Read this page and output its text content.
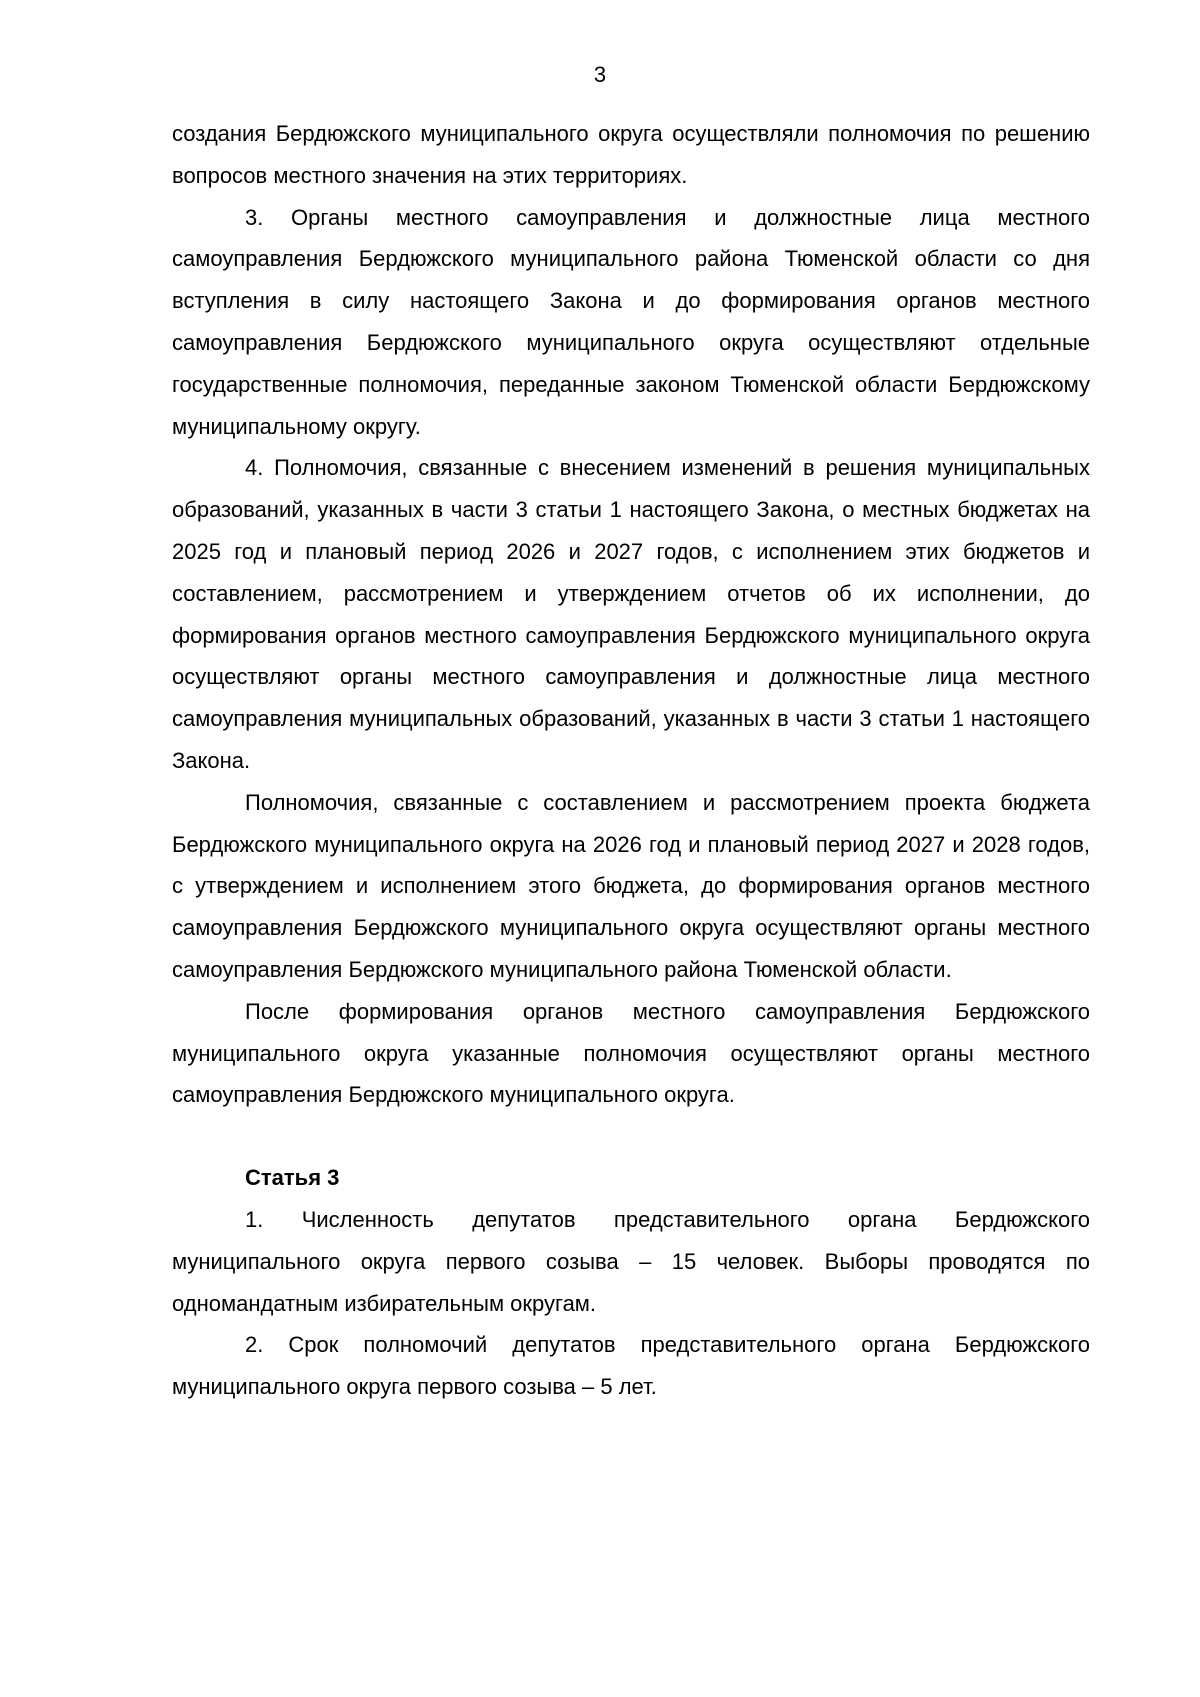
3

создания Бердюжского муниципального округа осуществляли полномочия по решению вопросов местного значения на этих территориях.

3. Органы местного самоуправления и должностные лица местного самоуправления Бердюжского муниципального района Тюменской области со дня вступления в силу настоящего Закона и до формирования органов местного самоуправления Бердюжского муниципального округа осуществляют отдельные государственные полномочия, переданные законом Тюменской области Бердюжскому муниципальному округу.

4. Полномочия, связанные с внесением изменений в решения муниципальных образований, указанных в части 3 статьи 1 настоящего Закона, о местных бюджетах на 2025 год и плановый период 2026 и 2027 годов, с исполнением этих бюджетов и составлением, рассмотрением и утверждением отчетов об их исполнении, до формирования органов местного самоуправления Бердюжского муниципального округа осуществляют органы местного самоуправления и должностные лица местного самоуправления муниципальных образований, указанных в части 3 статьи 1 настоящего Закона.

Полномочия, связанные с составлением и рассмотрением проекта бюджета Бердюжского муниципального округа на 2026 год и плановый период 2027 и 2028 годов, с утверждением и исполнением этого бюджета, до формирования органов местного самоуправления Бердюжского муниципального округа осуществляют органы местного самоуправления Бердюжского муниципального района Тюменской области.

После формирования органов местного самоуправления Бердюжского муниципального округа указанные полномочия осуществляют органы местного самоуправления Бердюжского муниципального округа.

Статья 3

1. Численность депутатов представительного органа Бердюжского муниципального округа первого созыва – 15 человек. Выборы проводятся по одномандатным избирательным округам.

2. Срок полномочий депутатов представительного органа Бердюжского муниципального округа первого созыва – 5 лет.
